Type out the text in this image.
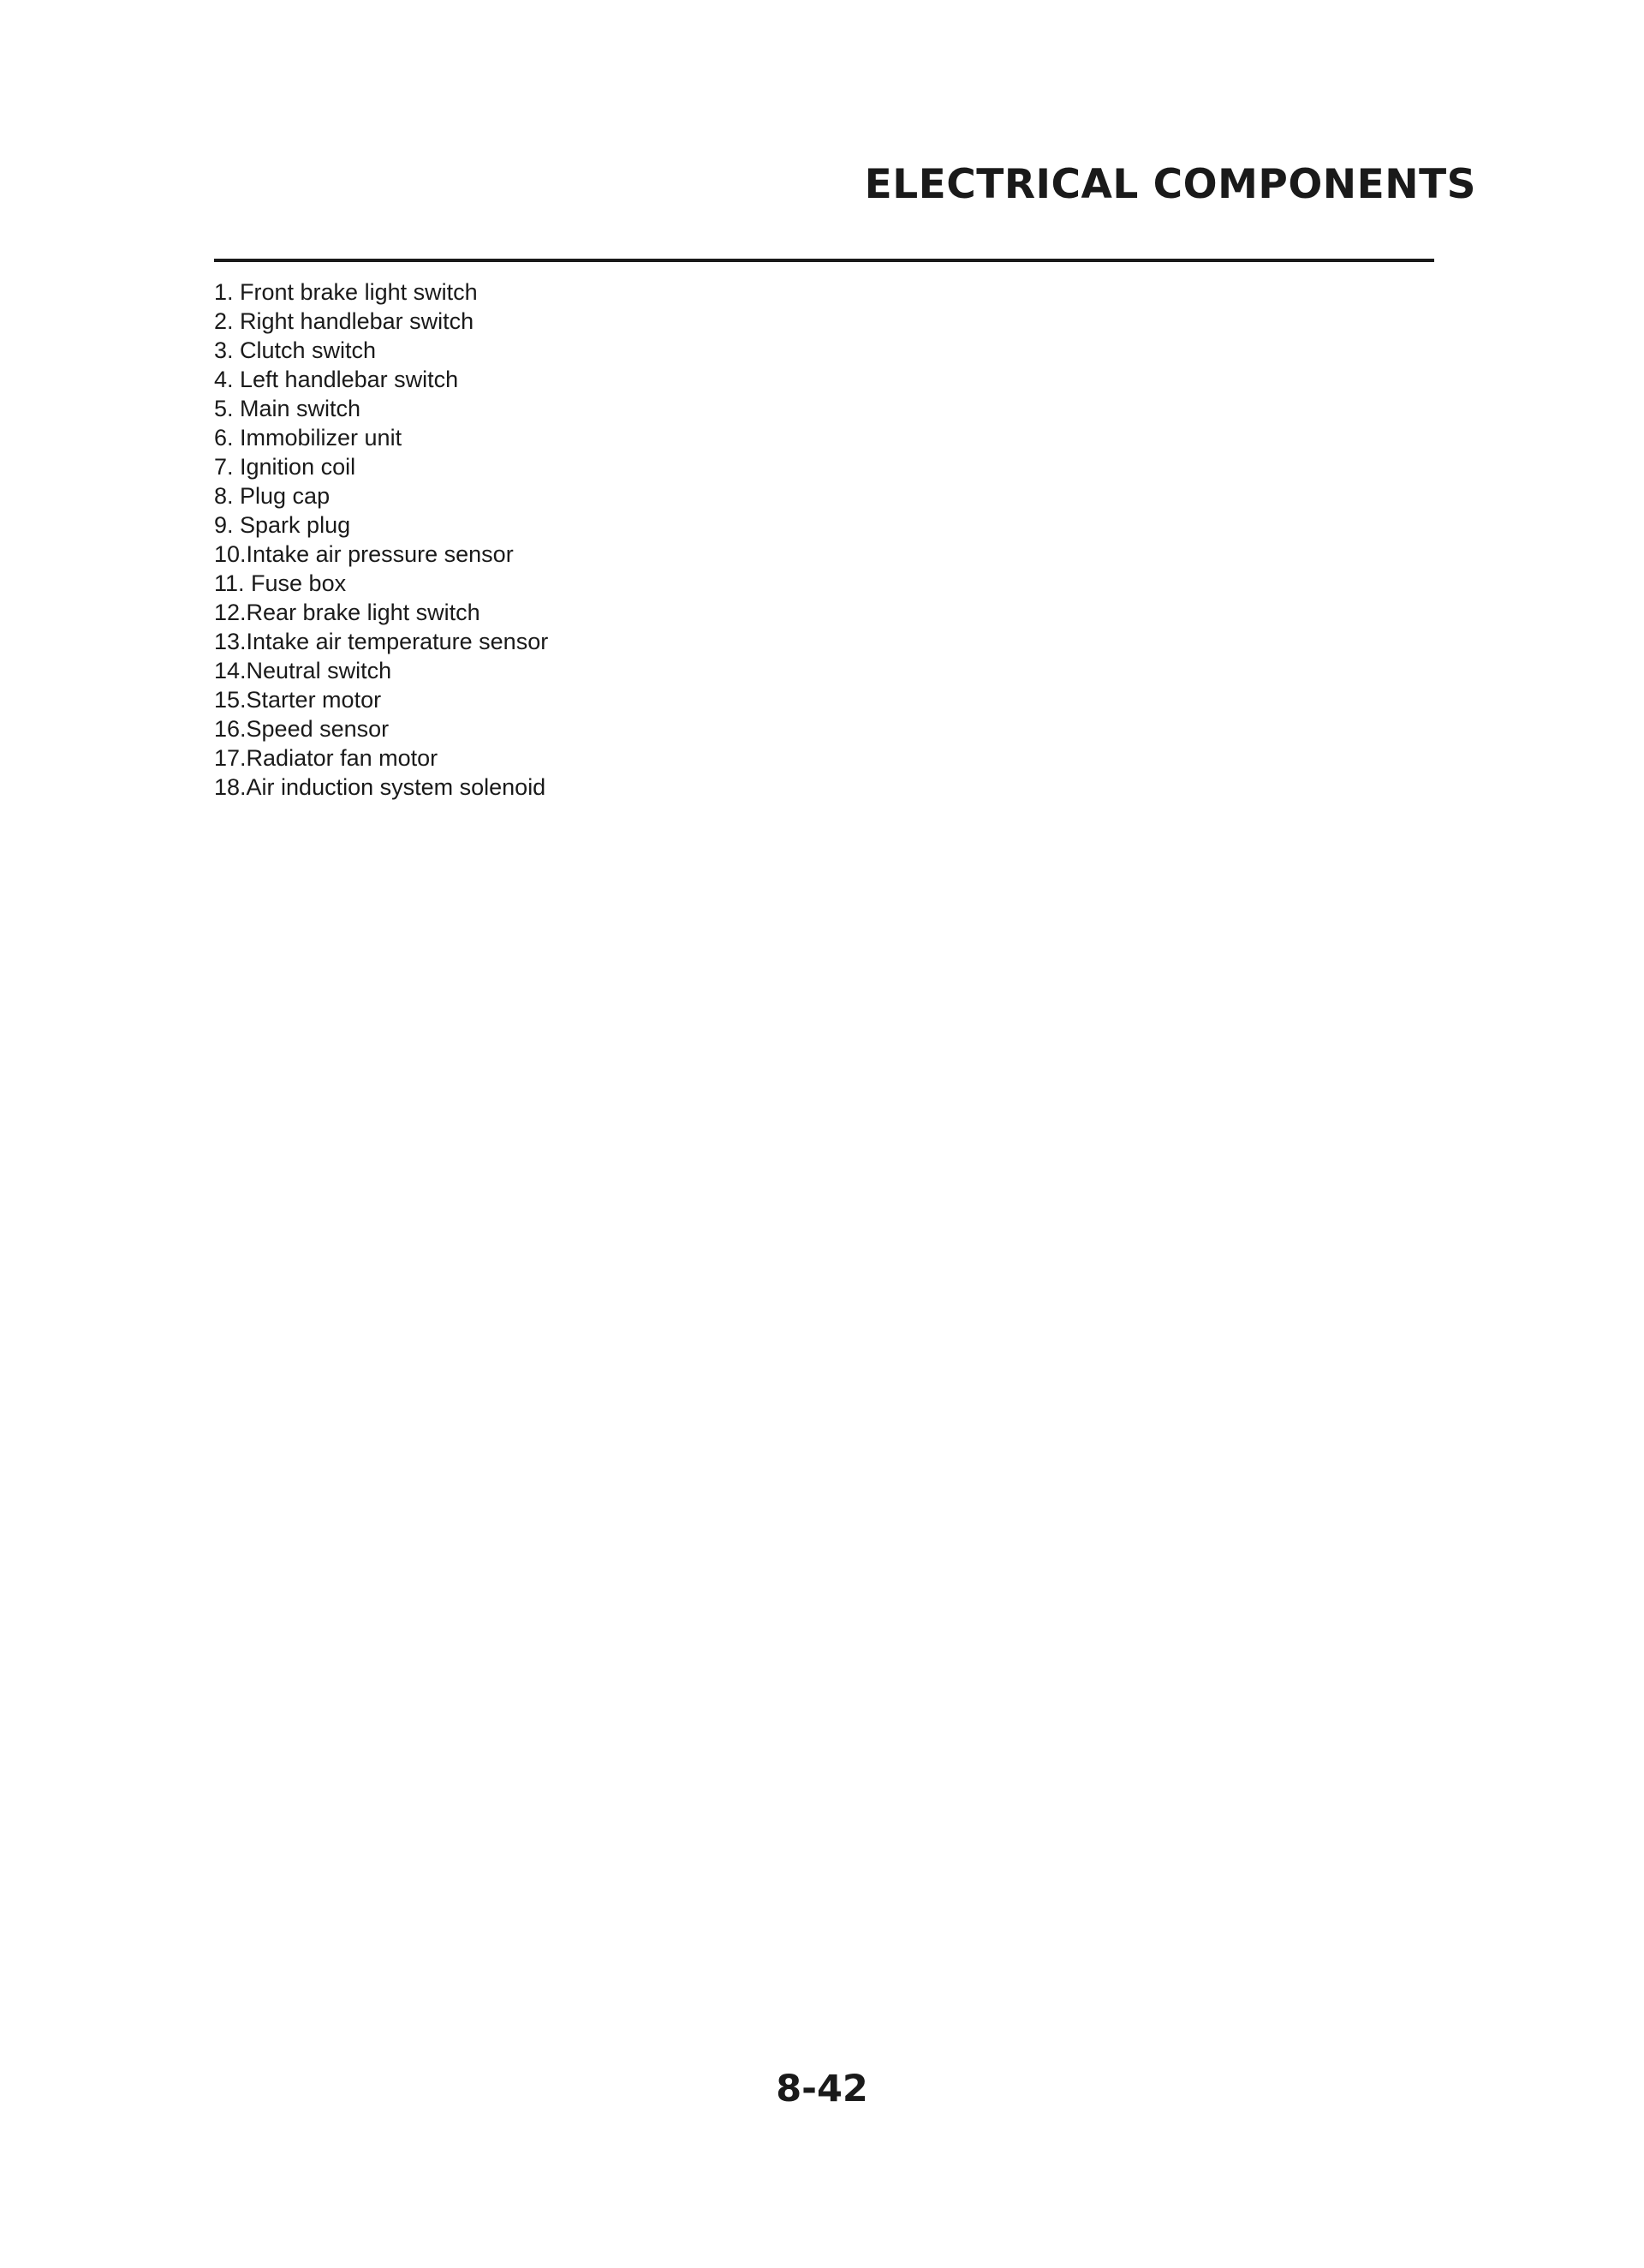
ELECTRICAL COMPONENTS
1. Front brake light switch
2. Right handlebar switch
3. Clutch switch
4. Left handlebar switch
5. Main switch
6. Immobilizer unit
7. Ignition coil
8. Plug cap
9. Spark plug
10.Intake air pressure sensor
11. Fuse box
12.Rear brake light switch
13.Intake air temperature sensor
14.Neutral switch
15.Starter motor
16.Speed sensor
17.Radiator fan motor
18.Air induction system solenoid
8-42
